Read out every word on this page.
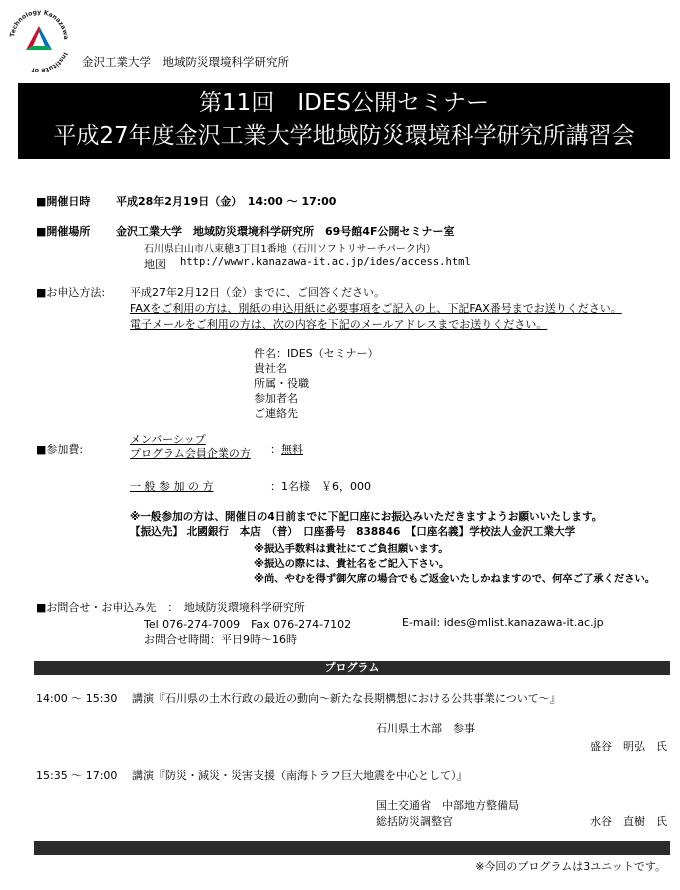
Technology Kanazawa
Institute of
金沢工業大学　地域防災環境科学研究所
第11回　IDES公開セミナー
平成27年度金沢工業大学地域防災環境科学研究所講習会
■開催日時 平成28年2月19日（金）　14:00 ～ 17:00
■開催場所 金沢工業大学　地域防災環境科学研究所　69号館4F公開セミナー室
石川県白山市八束穂3丁目1番地（石川ソフトリサーチパーク内）
地図 http://wwwr.kanazawa-it.ac.jp/ides/access.html
■お申込方法: 平成27年2月12日（金）までに、ご回答ください。
FAXをご利用の方は、別紙の申込用紙に必要事項をご記入の上、下記FAX番号までお送りください。
電子メールをご利用の方は、次の内容を下記のメールアドレスまでお送りください。
件名：IDES（セミナー）
貴社名
所属・役職
参加者名
ご連絡先
■参加費:
メンバーシップ
プログラム会員企業の方 ：無料
一 般 参 加 の 方	：1名様　￥6，000
※一般参加の方は、開催日の4日前までに下記口座にお振込みいただきますようお願いいたします。
【振込先】 北國銀行　本店　（普）　口座番号　838846　【口座名義】学校法人金沢工業大学
※振込手数料は貴社にてご負担願います。
※振込の際には、貴社名をご記入下さい。
※尚、やむを得ず御欠席の場合でもご返金いたしかねますので、何卒ご了承ください。
■お問合せ・お申込み先　：　地域防災環境科学研究所
Tel 076-274-7009　Fax 076-274-7102	E-mail: ides@mlist.kanazawa-it.ac.jp
お問合せ時間：平日9時～16時
プログラム
14:00 ～ 15:30 講演『石川県の土木行政の最近の動向～新たな長期構想における公共事業について～』
石川県土木部　参事
盛谷　明弘　氏
15:35 ～ 17:00 講演『防災・減災・災害支援（南海トラフ巨大地震を中心として）』
国土交通省　中部地方整備局
総括防災調整官	水谷　直樹　氏
※今回のプログラムは3ユニットです。
